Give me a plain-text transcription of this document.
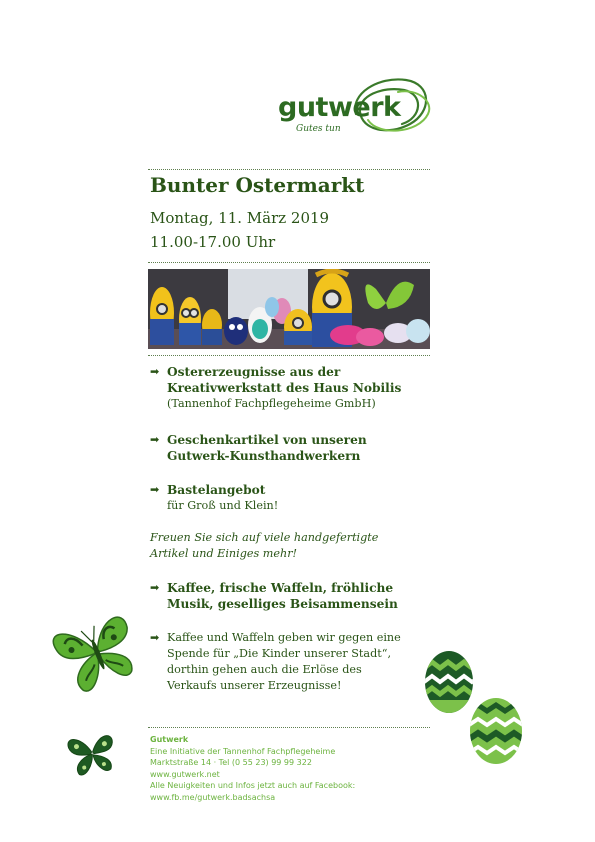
gutwerk
Gutes tun
Bunter Ostermarkt
Montag, 11. März 2019
11.00-17.00 Uhr
➡ Ostererzeugnisse aus der
Kreativwerkstatt des Haus Nobilis
(Tannenhof Fachpflegeheime GmbH)
➡ Geschenkartikel von unseren
Gutwerk-Kunsthandwerkern
➡ Bastelangebot
für Groß und Klein!
Freuen Sie sich auf viele handgefertigte
Artikel und Einiges mehr!
➡ Kaffee, frische Waffeln, fröhliche
Musik, geselliges Beisammensein
➡ Kaffee und Waffeln geben wir gegen eine
Spende für „Die Kinder unserer Stadt“,
dorthin gehen auch die Erlöse des
Verkaufs unserer Erzeugnisse!
Gutwerk
Eine Initiative der Tannenhof Fachpflegeheime
Marktstraße 14 · Tel (0 55 23) 99 99 322
www.gutwerk.net
Alle Neuigkeiten und Infos jetzt auch auf Facebook:
www.fb.me/gutwerk.badsachsa
